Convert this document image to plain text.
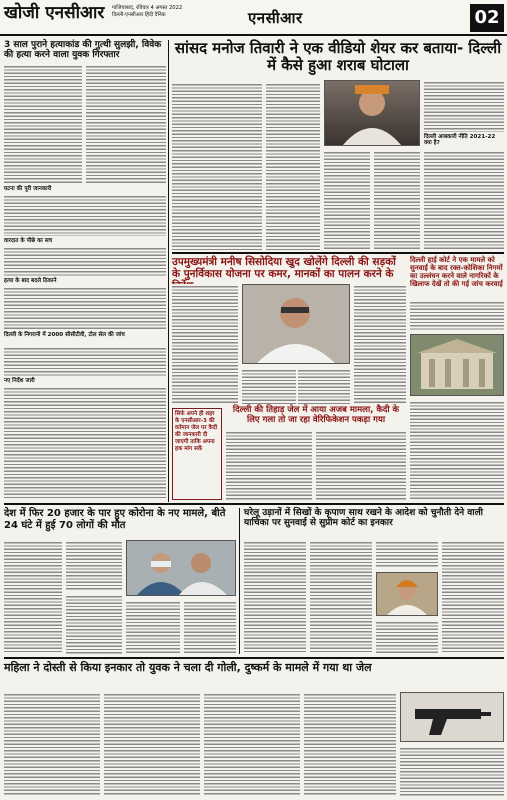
खोजी एनसीआर गाजियाबाद, रविवार 4 अगस्त 2022
दिल्ली-एनसीआर हिंदी दैनिक	एनसीआर	02
3 साल पुराने हत्याकांड की गुत्थी सुलझी, विवेक की हत्या करने वाला युवक गिरफ्तार
घटना की पूरी जानकारी
वारदात के पीछे का सच
हत्या के बाद बदले ठिकाने
दिल्ली के निगरानी में 2000 सीसीटीवी, टोल सेल की जांच
नए निर्देश जारी
सांसद मनोज तिवारी ने एक वीडियो शेयर कर बताया- दिल्ली में कैसे हुआ शराब घोटाला
दिल्ली आबकारी नीति 2021-22 क्या है?
उपमुख्यमंत्री मनीष सिसोदिया खुद खोलेंगे दिल्ली की सड़कों के पुनर्विकास योजना पर कमर, मानकों का पालन करने के
दिल्ली हाई कोर्ट ने एक मामले को सुनवाई के बाद रक्त-कोशिका निगमों का उल्लंघन करने वाले नागरिकों के खिलाफ देखें तो की गई जांच करवाई
सिर्फ अपने ही शहर के एनसीआर-3 की वर्तमान जेल पर कैदी की जानकारी दी जाएगी ताकि अपना हक मांग सकें
दिल्ली की तिहाड़ जेल में आया अजब मामला, कैदी के लिए गला तो जा रहा वेरिफिकेशन पकड़ा गया
देश में फिर 20 हजार के पार हुए कोरोना के नए मामले, बीते 24 घंटे में हुई 70 लोगों की मौत
घरेलू उड़ानों में सिखों के कृपाण साथ रखने के आदेश को चुनौती देने वाली याचिका पर सुनवाई से सुप्रीम कोर्ट का इनकार
महिला ने दोस्ती से किया इनकार तो युवक ने चला दी गोली, दुष्कर्म के मामले में गया था जेल
